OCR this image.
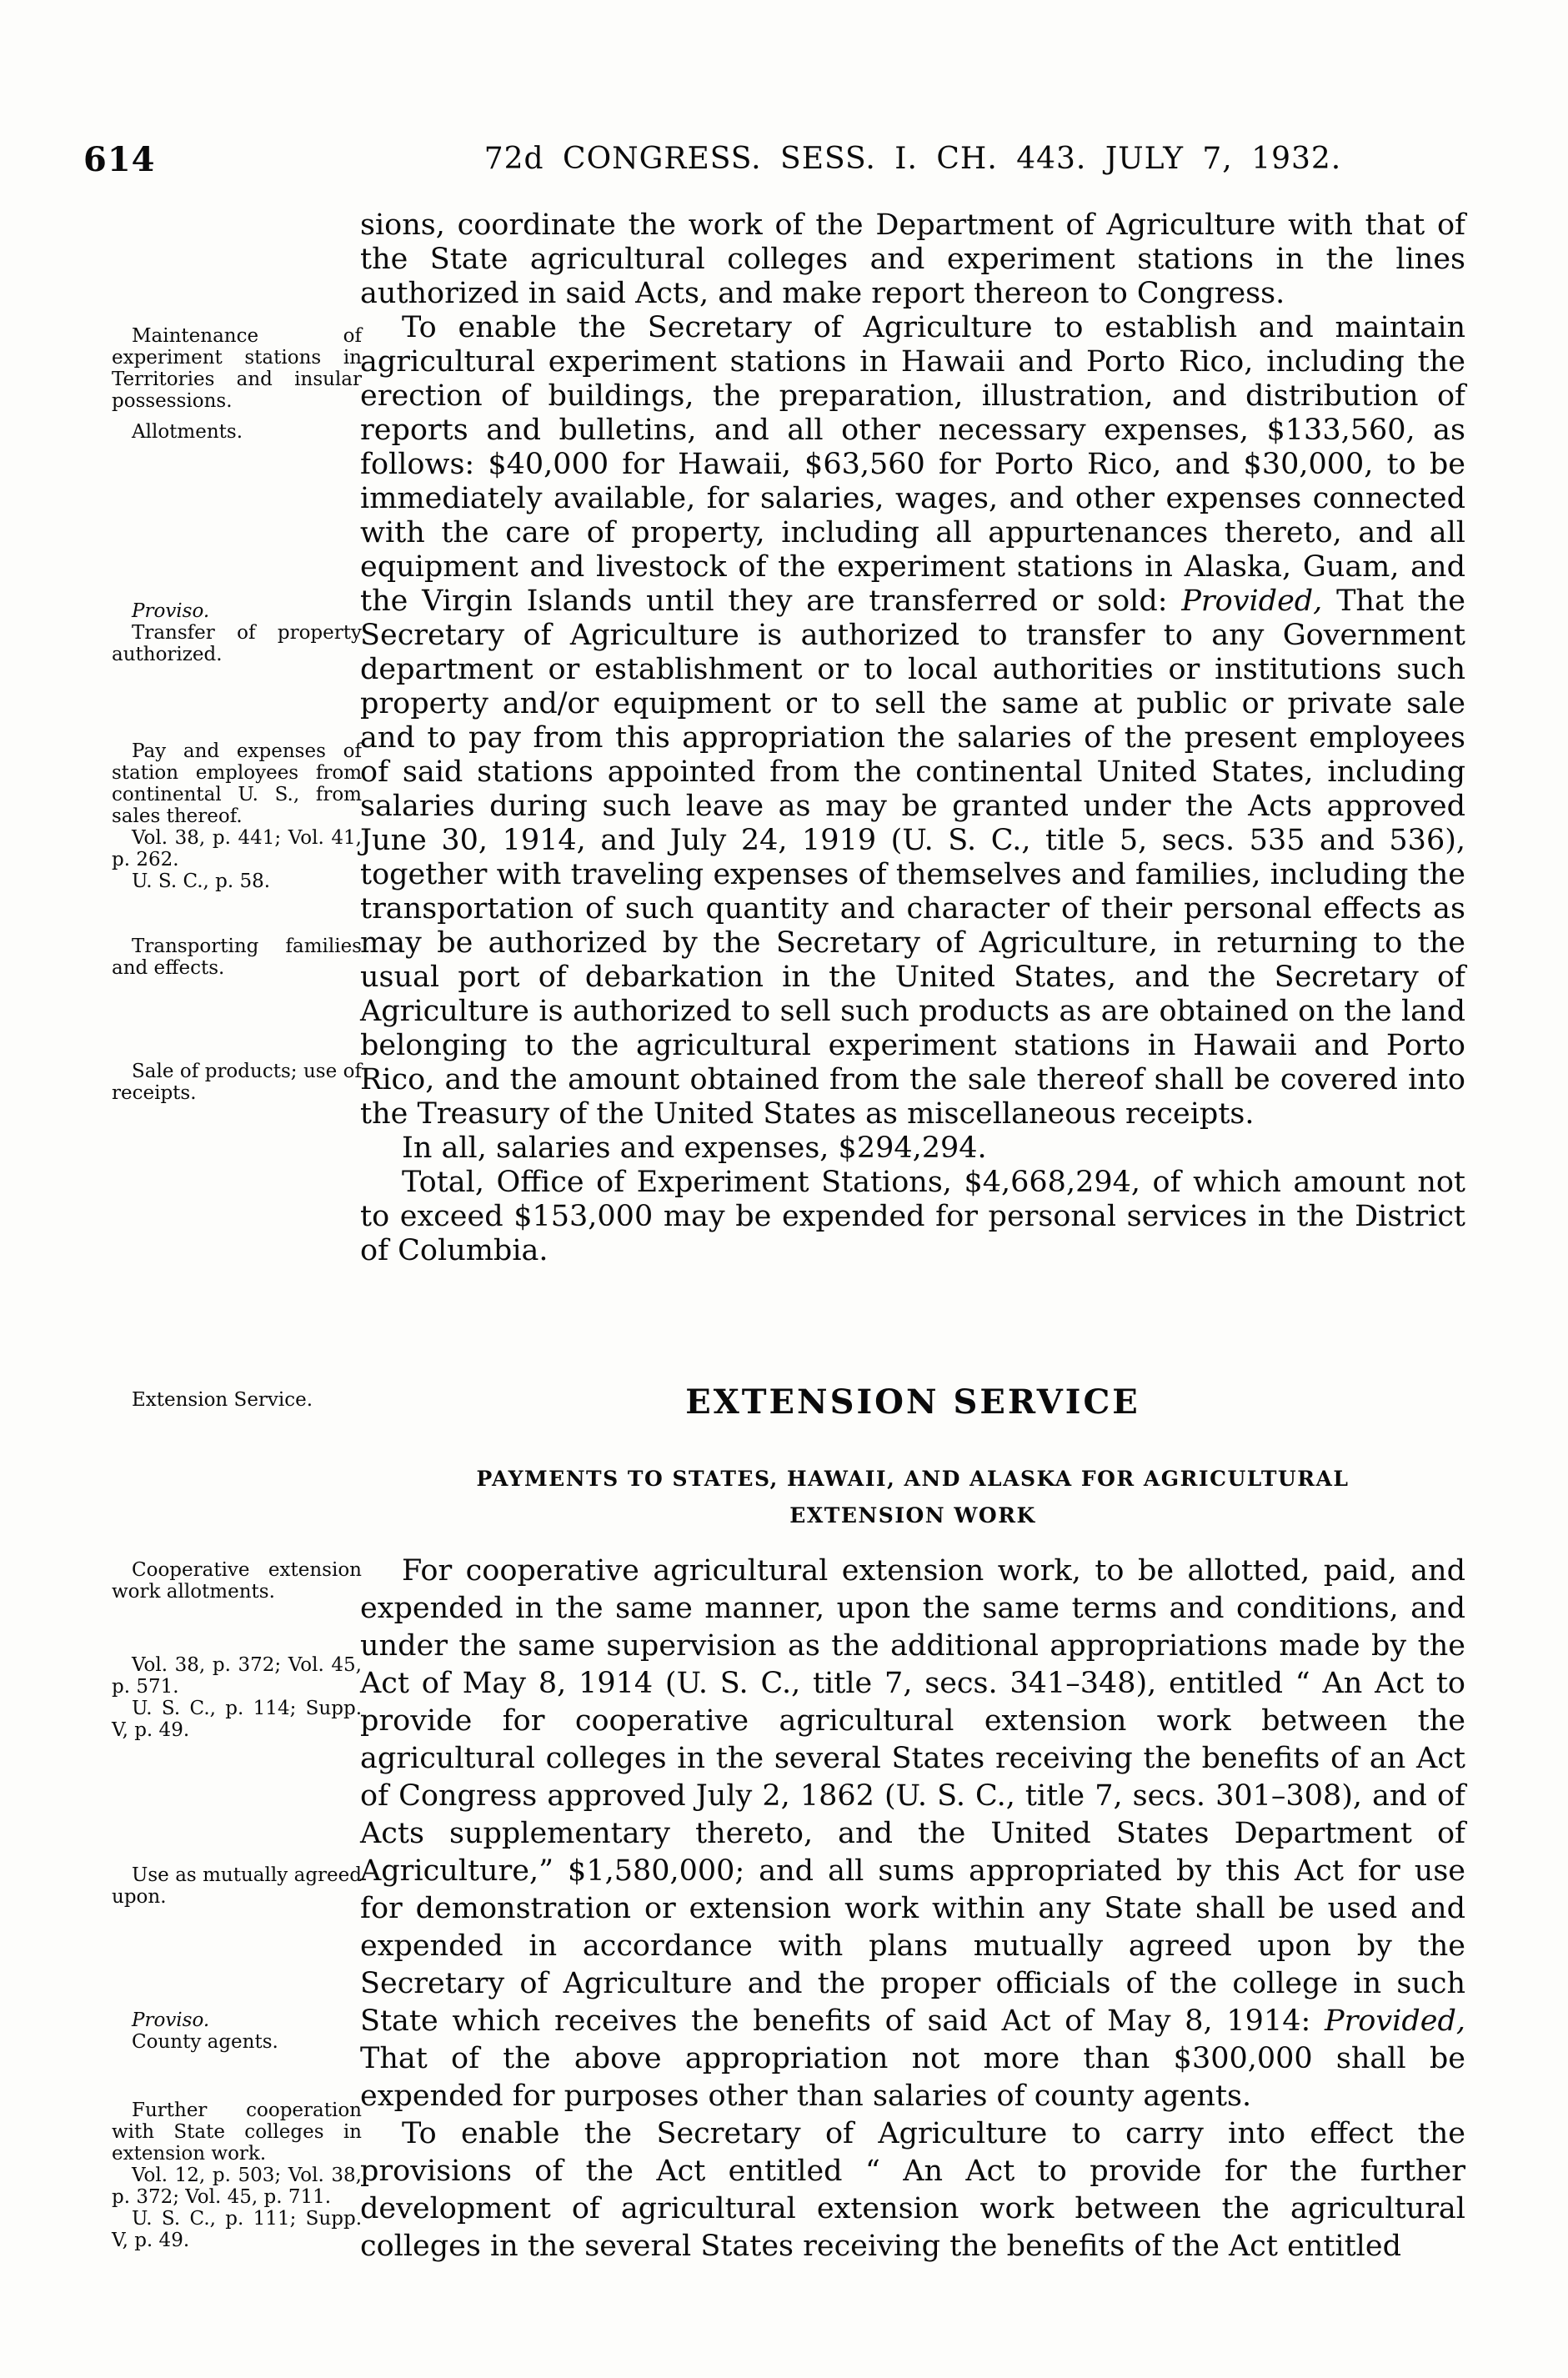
614	72d CONGRESS. SESS. I. CH. 443. JULY 7, 1932.

Maintenance of experiment stations in Territories and insular possessions.

Allotments.

Proviso.

Transfer of property authorized.

Pay and expenses of station employees from continental U. S., from sales thereof.

Vol. 38, p. 441; Vol. 41, p. 262.

U. S. C., p. 58.

Transporting families and effects.

Sale of products; use of receipts.

Extension Service.

Cooperative extension work allotments.

Vol. 38, p. 372; Vol. 45, p. 571.

U. S. C., p. 114; Supp. V, p. 49.

Use as mutually agreed upon.

Proviso.

County agents.

Further cooperation with State colleges in extension work.

Vol. 12, p. 503; Vol. 38, p. 372; Vol. 45, p. 711.

U. S. C., p. 111; Supp. V, p. 49.

sions, coordinate the work of the Department of Agriculture with that of the State agricultural colleges and experiment stations in the lines authorized in said Acts, and make report thereon to Congress.

To enable the Secretary of Agriculture to establish and maintain agricultural experiment stations in Hawaii and Porto Rico, including the erection of buildings, the preparation, illustration, and distribution of reports and bulletins, and all other necessary expenses, $133,560, as follows: $40,000 for Hawaii, $63,560 for Porto Rico, and $30,000, to be immediately available, for salaries, wages, and other expenses connected with the care of property, including all appurtenances thereto, and all equipment and livestock of the experiment stations in Alaska, Guam, and the Virgin Islands until they are transferred or sold: Provided, That the Secretary of Agriculture is authorized to transfer to any Government department or establishment or to local authorities or institutions such property and/or equipment or to sell the same at public or private sale and to pay from this appropriation the salaries of the present employees of said stations appointed from the continental United States, including salaries during such leave as may be granted under the Acts approved June 30, 1914, and July 24, 1919 (U. S. C., title 5, secs. 535 and 536), together with traveling expenses of themselves and families, including the transportation of such quantity and character of their personal effects as may be authorized by the Secretary of Agriculture, in returning to the usual port of debarkation in the United States, and the Secretary of Agriculture is authorized to sell such products as are obtained on the land belonging to the agricultural experiment stations in Hawaii and Porto Rico, and the amount obtained from the sale thereof shall be covered into the Treasury of the United States as miscellaneous receipts.

In all, salaries and expenses, $294,294.

Total, Office of Experiment Stations, $4,668,294, of which amount not to exceed $153,000 may be expended for personal services in the District of Columbia.

EXTENSION SERVICE
PAYMENTS TO STATES, HAWAII, AND ALASKA FOR AGRICULTURAL EXTENSION WORK

For cooperative agricultural extension work, to be allotted, paid, and expended in the same manner, upon the same terms and conditions, and under the same supervision as the additional appropriations made by the Act of May 8, 1914 (U. S. C., title 7, secs. 341–348), entitled “ An Act to provide for cooperative agricultural extension work between the agricultural colleges in the several States receiving the benefits of an Act of Congress approved July 2, 1862 (U. S. C., title 7, secs. 301–308), and of Acts supplementary thereto, and the United States Department of Agriculture,” $1,580,000; and all sums appropriated by this Act for use for demonstration or extension work within any State shall be used and expended in accordance with plans mutually agreed upon by the Secretary of Agriculture and the proper officials of the college in such State which receives the benefits of said Act of May 8, 1914: Provided, That of the above appropriation not more than $300,000 shall be expended for purposes other than salaries of county agents.

To enable the Secretary of Agriculture to carry into effect the provisions of the Act entitled “ An Act to provide for the further development of agricultural extension work between the agricultural colleges in the several States receiving the benefits of the Act entitled
